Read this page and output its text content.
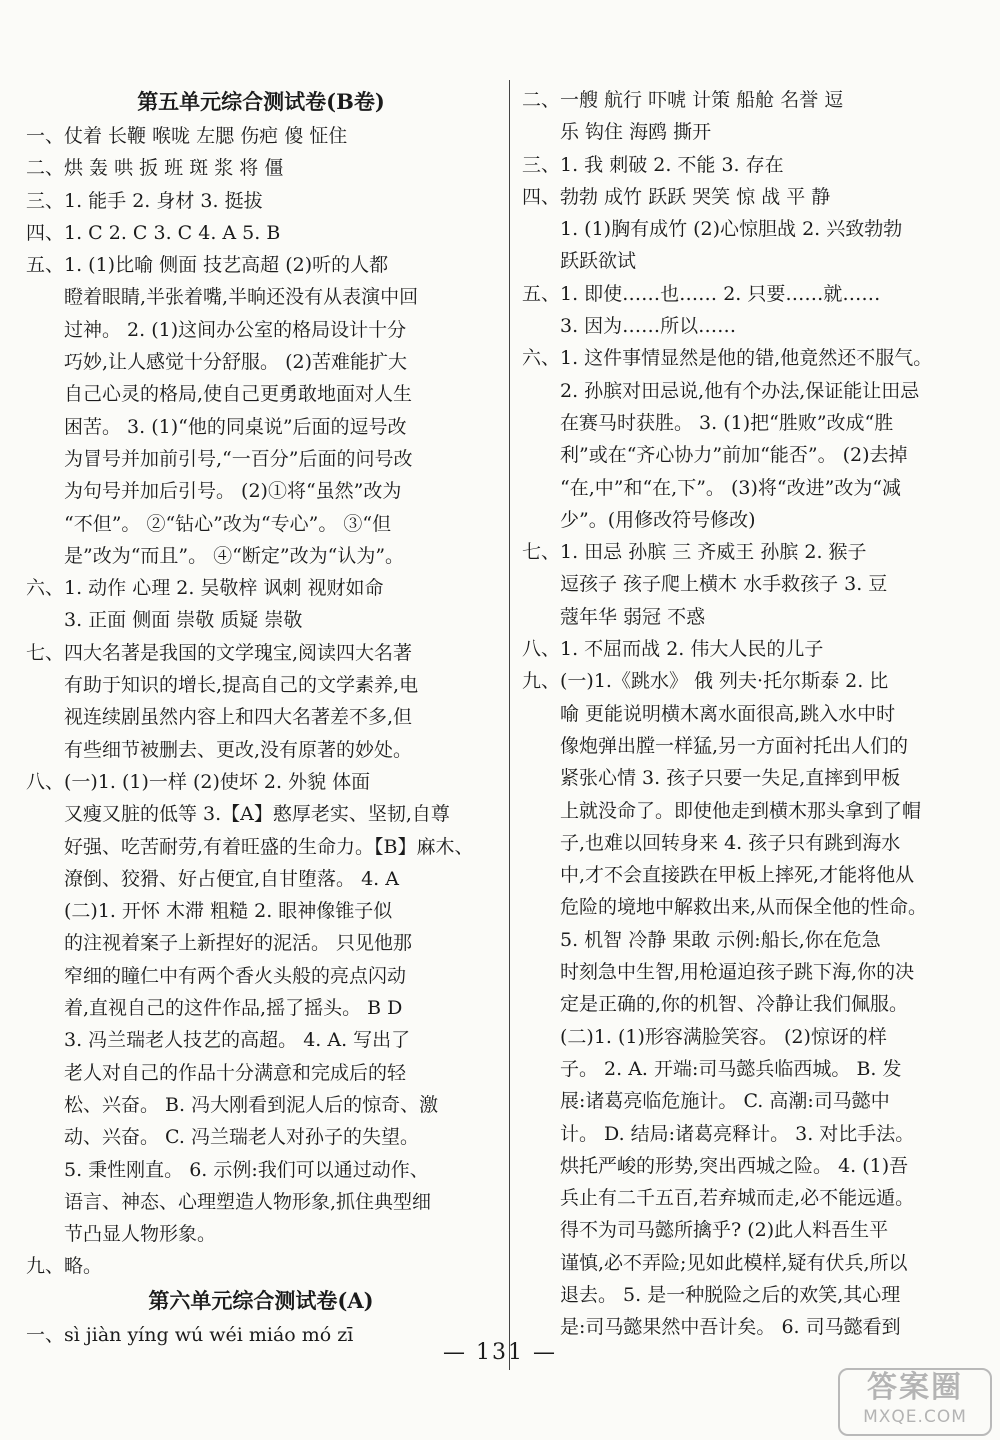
第五单元综合测试卷(B卷)
一、仗着 长鞭 喉咙 左腮 伤疤 傻 怔住
二、烘 轰 哄 扳 班 斑 浆 将 僵
三、1. 能手 2. 身材 3. 挺拔
四、1. C 2. C 3. C 4. A 5. B
五、1. (1)比喻 侧面 技艺高超 (2)听的人都
瞪着眼睛,半张着嘴,半晌还没有从表演中回
过神。 2. (1)这间办公室的格局设计十分
巧妙,让人感觉十分舒服。 (2)苦难能扩大
自己心灵的格局,使自己更勇敢地面对人生
困苦。 3. (1)“他的同桌说”后面的逗号改
为冒号并加前引号,“一百分”后面的问号改
为句号并加后引号。 (2)①将“虽然”改为
“不但”。 ②“钻心”改为“专心”。 ③“但
是”改为“而且”。 ④“断定”改为“认为”。
六、1. 动作 心理 2. 吴敬梓 讽刺 视财如命
3. 正面 侧面 崇敬 质疑 崇敬
七、四大名著是我国的文学瑰宝,阅读四大名著
有助于知识的增长,提高自己的文学素养,电
视连续剧虽然内容上和四大名著差不多,但
有些细节被删去、更改,没有原著的妙处。
八、(一)1. (1)一样 (2)使坏 2. 外貌 体面
又瘦又脏的低等 3.【A】憨厚老实、坚韧,自尊
好强、吃苦耐劳,有着旺盛的生命力。【B】麻木、
潦倒、狡猾、好占便宜,自甘堕落。 4. A
(二)1. 开怀 木滞 粗糙 2. 眼神像锥子似
的注视着案子上新捏好的泥活。 只见他那
窄细的瞳仁中有两个香火头般的亮点闪动
着,直视自己的这件作品,摇了摇头。 B D
3. 冯兰瑞老人技艺的高超。 4. A. 写出了
老人对自己的作品十分满意和完成后的轻
松、兴奋。 B. 冯大刚看到泥人后的惊奇、激
动、兴奋。 C. 冯兰瑞老人对孙子的失望。
5. 秉性刚直。 6. 示例:我们可以通过动作、
语言、神态、心理塑造人物形象,抓住典型细
节凸显人物形象。
九、略。
第六单元综合测试卷(A)
一、sì jiàn yíng wú wéi miáo mó zī
二、一艘 航行 吓唬 计策 船舱 名誉 逗
乐 钩住 海鸥 撕开
三、1. 我 刺破 2. 不能 3. 存在
四、勃勃 成竹 跃跃 哭笑 惊 战 平 静
1. (1)胸有成竹 (2)心惊胆战 2. 兴致勃勃
跃跃欲试
五、1. 即使……也…… 2. 只要……就……
3. 因为……所以……
六、1. 这件事情显然是他的错,他竟然还不服气。
2. 孙膑对田忌说,他有个办法,保证能让田忌
在赛马时获胜。 3. (1)把“胜败”改成“胜
利”或在“齐心协力”前加“能否”。 (2)去掉
“在,中”和“在,下”。 (3)将“改进”改为“减
少”。(用修改符号修改)
七、1. 田忌 孙膑 三 齐威王 孙膑 2. 猴子
逗孩子 孩子爬上横木 水手救孩子 3. 豆
蔻年华 弱冠 不惑
八、1. 不屈而战 2. 伟大人民的儿子
九、(一)1.《跳水》 俄 列夫·托尔斯泰 2. 比
喻 更能说明横木离水面很高,跳入水中时
像炮弹出膛一样猛,另一方面衬托出人们的
紧张心情 3. 孩子只要一失足,直摔到甲板
上就没命了。即使他走到横木那头拿到了帽
子,也难以回转身来 4. 孩子只有跳到海水
中,才不会直接跌在甲板上摔死,才能将他从
危险的境地中解救出来,从而保全他的性命。
5. 机智 冷静 果敢 示例:船长,你在危急
时刻急中生智,用枪逼迫孩子跳下海,你的决
定是正确的,你的机智、冷静让我们佩服。
(二)1. (1)形容满脸笑容。 (2)惊讶的样
子。 2. A. 开端:司马懿兵临西城。 B. 发
展:诸葛亮临危施计。 C. 高潮:司马懿中
计。 D. 结局:诸葛亮释计。 3. 对比手法。
烘托严峻的形势,突出西城之险。 4. (1)吾
兵止有二千五百,若弃城而走,必不能远遁。
得不为司马懿所擒乎? (2)此人料吾生平
谨慎,必不弄险;见如此模样,疑有伏兵,所以
退去。 5. 是一种脱险之后的欢笑,其心理
是:司马懿果然中吾计矣。 6. 司马懿看到
— 131 —
答案圈
MXQE.COM
